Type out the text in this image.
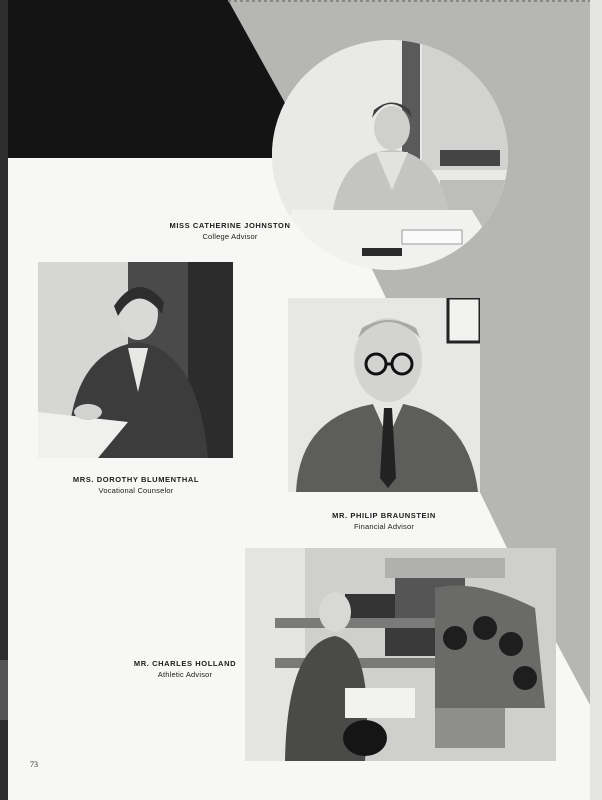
MISS CATHERINE JOHNSTON
College Advisor
MRS. DOROTHY BLUMENTHAL
Vocational Counselor
MR. PHILIP BRAUNSTEIN
Financial Advisor
MR. CHARLES HOLLAND
Athletic Advisor
73
